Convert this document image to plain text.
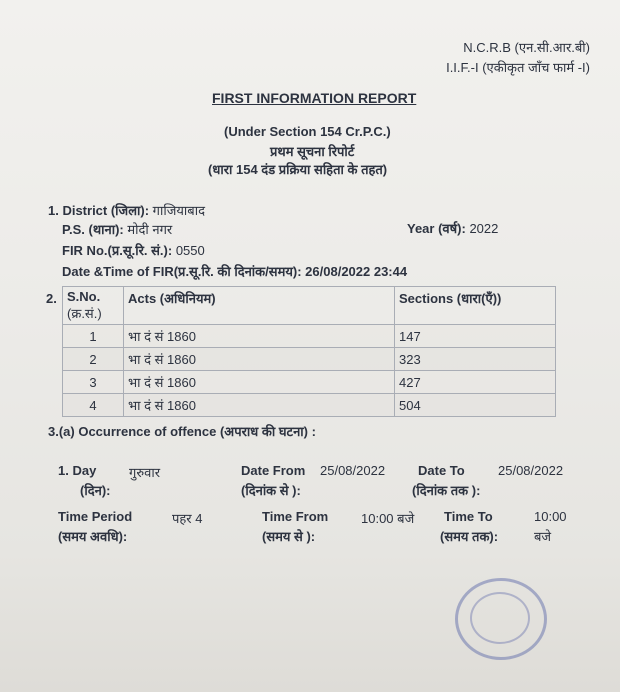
N.C.R.B (एन.सी.आर.बी)
I.I.F.-I (एकीकृत जाँच फार्म -I)
FIRST INFORMATION REPORT
(Under Section 154 Cr.P.C.)
प्रथम सूचना रिपोर्ट
(धारा 154 दंड प्रक्रिया सहिता के तहत)
1. District (जिला): गाजियाबाद
P.S. (थाना): मोदी नगर	Year (वर्ष): 2022
FIR No.(प्र.सू.रि. सं.): 0550
Date &Time of FIR(प्र.सू.रि. की दिनांक/समय): 26/08/2022 23:44
2. S.No.
(क्र.सं.)	Acts (अधिनियम)	Sections (धारा(एँ))
1	भा दं सं 1860	147
2	भा दं सं 1860	323
3	भा दं सं 1860	427
4	भा दं सं 1860	504
3.(a) Occurrence of offence (अपराध की घटना) :
1. Day	गुरुवार
(दिन):
Date From 25/08/2022
(दिनांक से ):
Date To	25/08/2022
(दिनांक तक ):
Time Period	पहर 4
(समय अवधि):
Time From	10:00 बजे
(समय से ):
Time To	10:00
(समय तक):	बजे
